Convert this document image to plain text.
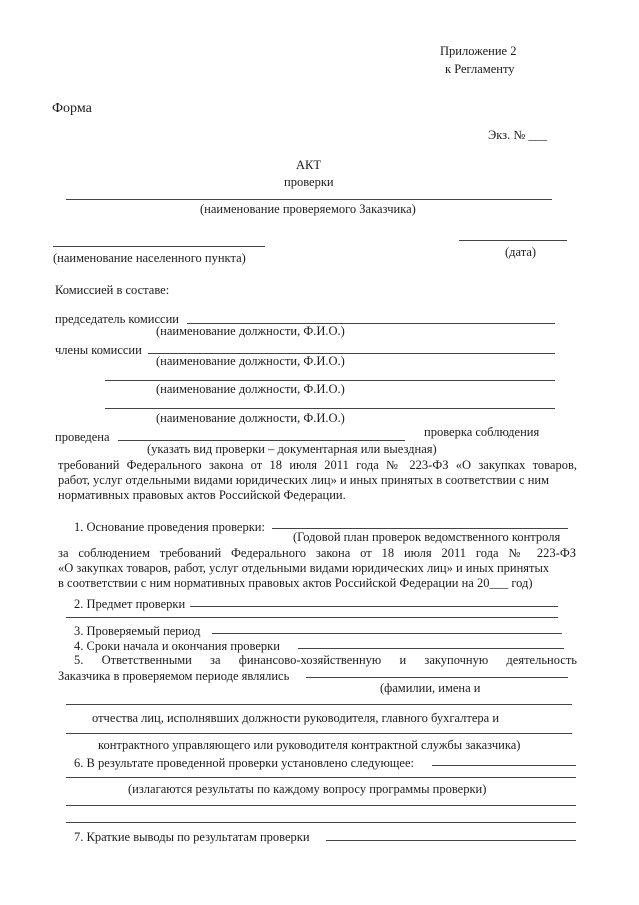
Приложение 2
к Регламенту
Форма
Экз. № ___
АКТ
проверки
(наименование проверяемого Заказчика)
(дата)
(наименование населенного пункта)
Комиссией в составе:
председатель комиссии
(наименование должности, Ф.И.О.)
члены комиссии
(наименование должности, Ф.И.О.)
(наименование должности, Ф.И.О.)
(наименование должности, Ф.И.О.)
проведена	проверка соблюдения
(указать вид проверки – документарная или выездная)
требований Федерального закона от 18 июля 2011 года № 223-ФЗ «О закупках товаров,
работ, услуг отдельными видами юридических лиц» и иных принятых в соответствии с ним
нормативных правовых актов Российской Федерации.
1. Основание проведения проверки:
(Годовой план проверок ведомственного контроля
за соблюдением требований Федерального закона от 18 июля 2011 года № 223-ФЗ
«О закупках товаров, работ, услуг отдельными видами юридических лиц» и иных принятых
в соответствии с ним нормативных правовых актов Российской Федерации на 20___ год)
2. Предмет проверки
3. Проверяемый период
4. Сроки начала и окончания проверки
5. Ответственными за финансово-хозяйственную и закупочную деятельность
Заказчика в проверяемом периоде являлись
(фамилии, имена и
отчества лиц, исполнявших должности руководителя, главного бухгалтера и
контрактного управляющего или руководителя контрактной службы заказчика)
6. В результате проведенной проверки установлено следующее:
(излагаются результаты по каждому вопросу программы проверки)
7. Краткие выводы по результатам проверки
